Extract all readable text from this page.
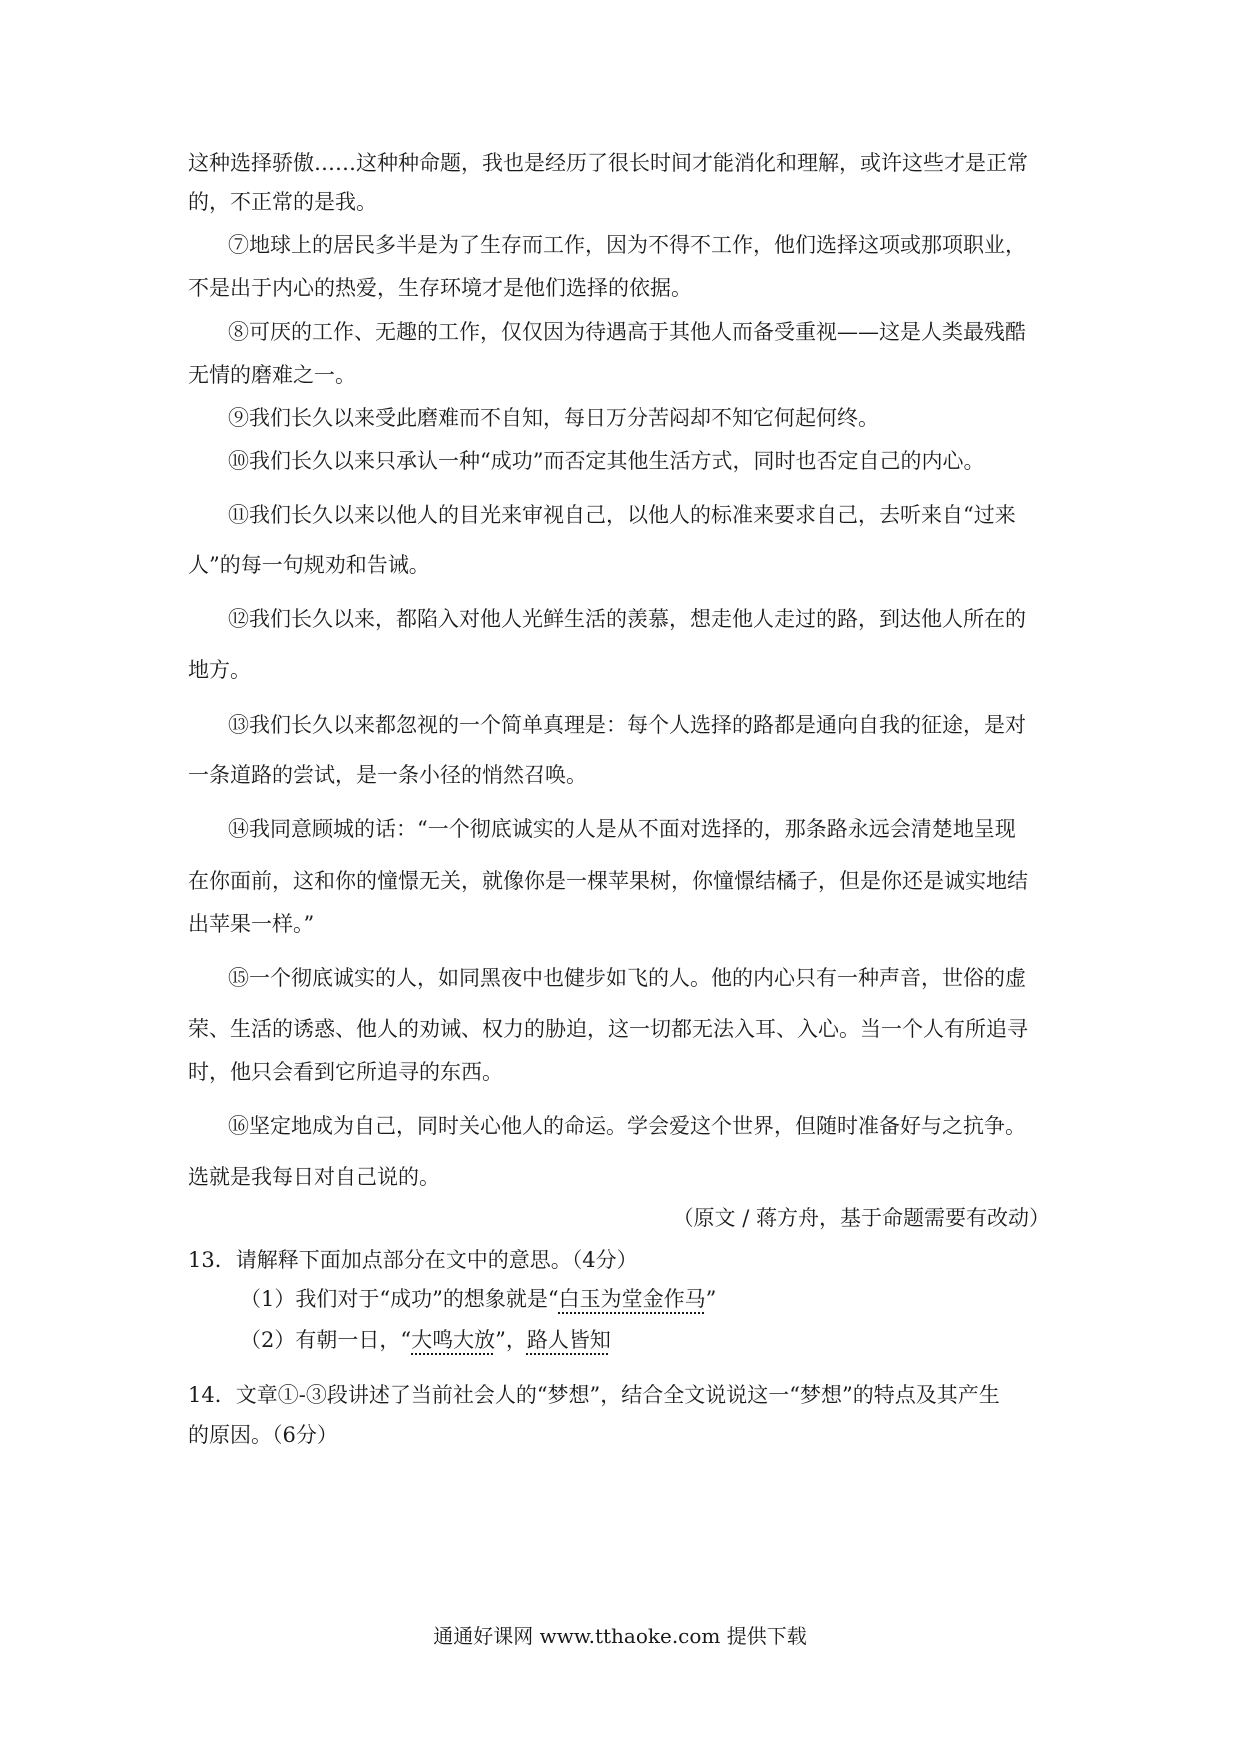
这种选择骄傲……这种种命题，我也是经历了很长时间才能消化和理解，或许这些才是正常
的，不正常的是我。
⑦地球上的居民多半是为了生存而工作，因为不得不工作，他们选择这项或那项职业，
不是出于内心的热爱，生存环境才是他们选择的依据。
⑧可厌的工作、无趣的工作，仅仅因为待遇高于其他人而备受重视——这是人类最残酷
无情的磨难之一。
⑨我们长久以来受此磨难而不自知，每日万分苦闷却不知它何起何终。
⑩我们长久以来只承认一种“成功”而否定其他生活方式，同时也否定自己的内心。
⑪我们长久以来以他人的目光来审视自己，以他人的标准来要求自己，去听来自“过来
人”的每一句规劝和告诫。
⑫我们长久以来，都陷入对他人光鲜生活的羡慕，想走他人走过的路，到达他人所在的
地方。
⑬我们长久以来都忽视的一个简单真理是：每个人选择的路都是通向自我的征途，是对
一条道路的尝试，是一条小径的悄然召唤。
⑭我同意顾城的话：“一个彻底诚实的人是从不面对选择的，那条路永远会清楚地呈现
在你面前，这和你的憧憬无关，就像你是一棵苹果树，你憧憬结橘子，但是你还是诚实地结
出苹果一样。”
⑮一个彻底诚实的人，如同黑夜中也健步如飞的人。他的内心只有一种声音，世俗的虚
荣、生活的诱惑、他人的劝诫、权力的胁迫，这一切都无法入耳、入心。当一个人有所追寻
时，他只会看到它所追寻的东西。
⑯坚定地成为自己，同时关心他人的命运。学会爱这个世界，但随时准备好与之抗争。
选就是我每日对自己说的。
（原文 / 蒋方舟，基于命题需要有改动）
13．请解释下面加点部分在文中的意思。（4分）
（1）我们对于“成功”的想象就是“白玉为堂金作马”
（2）有朝一日，“大鸣大放”，路人皆知
14．文章①-③段讲述了当前社会人的“梦想”，结合全文说说这一“梦想”的特点及其产生
的原因。（6分）
通通好课网 www.tthaoke.com 提供下载
